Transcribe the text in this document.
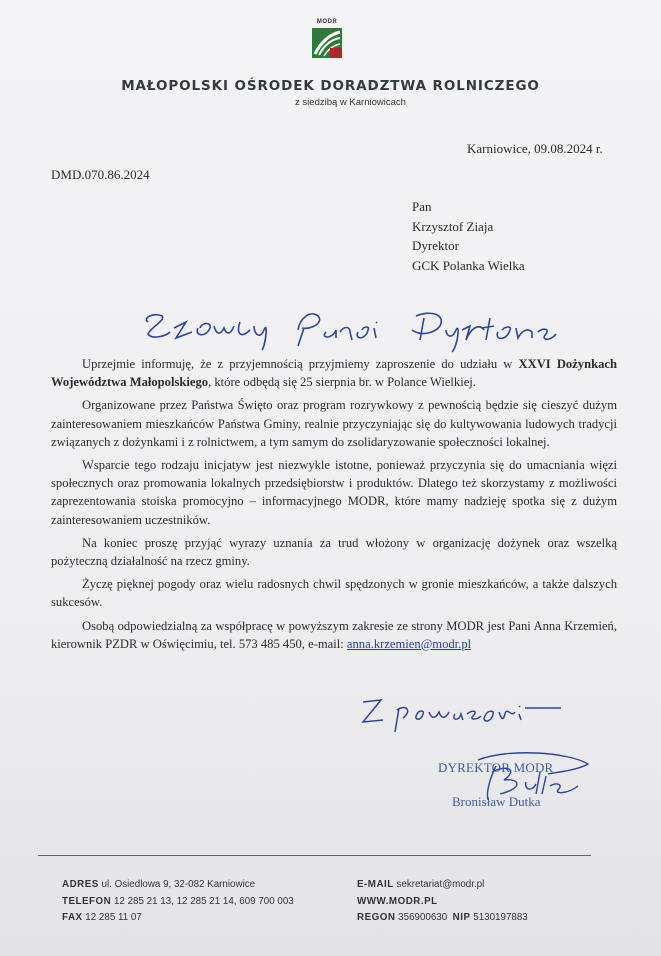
MODR
MAŁOPOLSKI OŚRODEK DORADZTWA ROLNICZEGO
z siedzibą w Karniowicach
Karniowice, 09.08.2024 r.
DMD.070.86.2024
Pan
Krzysztof Ziaja
Dyrektor
GCK Polanka Wielka

Uprzejmie informuję, że z przyjemnością przyjmiemy zaproszenie do udziału w XXVI Dożynkach Województwa Małopolskiego, które odbędą się 25 sierpnia br. w Polance Wielkiej.

Organizowane przez Państwa Święto oraz program rozrywkowy z pewnością będzie się cieszyć dużym zainteresowaniem mieszkańców Państwa Gminy, realnie przyczyniając się do kultywowania ludowych tradycji związanych z dożynkami i z rolnictwem, a tym samym do zsolidaryzowanie społeczności lokalnej.

Wsparcie tego rodzaju inicjatyw jest niezwykle istotne, ponieważ przyczynia się do umacniania więzi społecznych oraz promowania lokalnych przedsiębiorstw i produktów. Dlatego też skorzystamy z możliwości zaprezentowania stoiska promocyjno – informacyjnego MODR, które mamy nadzieję spotka się z dużym zainteresowaniem uczestników.

Na koniec proszę przyjąć wyrazy uznania za trud włożony w organizację dożynek oraz wszelką pożyteczną działalność na rzecz gminy.

Życzę pięknej pogody oraz wielu radosnych chwil spędzonych w gronie mieszkańców, a także dalszych sukcesów.

Osobą odpowiedzialną za współpracę w powyższym zakresie ze strony MODR jest Pani Anna Krzemień, kierownik PZDR w Oświęcimiu, tel. 573 485 450, e-mail: anna.krzemien@modr.pl

DYREKTOR MODR
Bronisław Dutka
ADRES ul. Osiedlowa 9, 32-082 Karniowice
TELEFON 12 285 21 13, 12 285 21 14, 609 700 003
FAX 12 285 11 07
E-MAIL sekretariat@modr.pl
WWW.MODR.PL
REGON 356900630 NIP 5130197883
